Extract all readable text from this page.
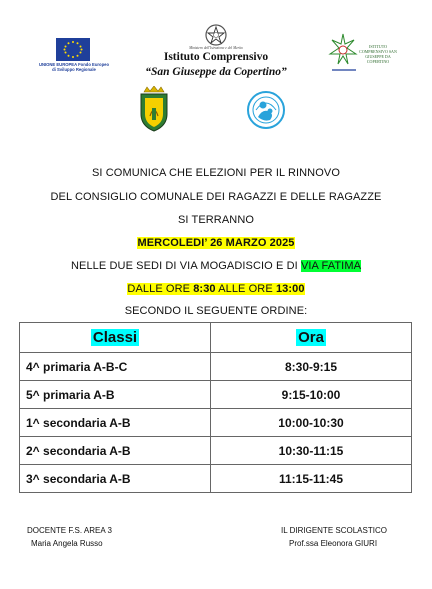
UNIONE EUROPEA Fondo Europeo di Sviluppo Regionale
Ministero dell'Istruzione e del Merito
Istituto Comprensivo
“San Giuseppe da Copertino”
ISTITUTO COMPRENSIVO SAN GIUSEPPE DA COPERTINO
SI COMUNICA CHE ELEZIONI PER IL RINNOVO
DEL CONSIGLIO COMUNALE DEI RAGAZZI E DELLE RAGAZZE
SI TERRANNO
MERCOLEDI’ 26 MARZO 2025
NELLE DUE SEDI DI VIA MOGADISCIO E DI VIA FATIMA
DALLE ORE 8:30 ALLE ORE 13:00
SECONDO IL SEGUENTE ORDINE:
Classi	Ora
4^ primaria A-B-C	8:30-9:15
5^ primaria A-B	9:15-10:00
1^ secondaria A-B	10:00-10:30
2^ secondaria A-B	10:30-11:15
3^ secondaria A-B	11:15-11:45
DOCENTE F.S. AREA 3
Maria Angela Russo
IL DIRIGENTE SCOLASTICO
Prof.ssa Eleonora GIURI
